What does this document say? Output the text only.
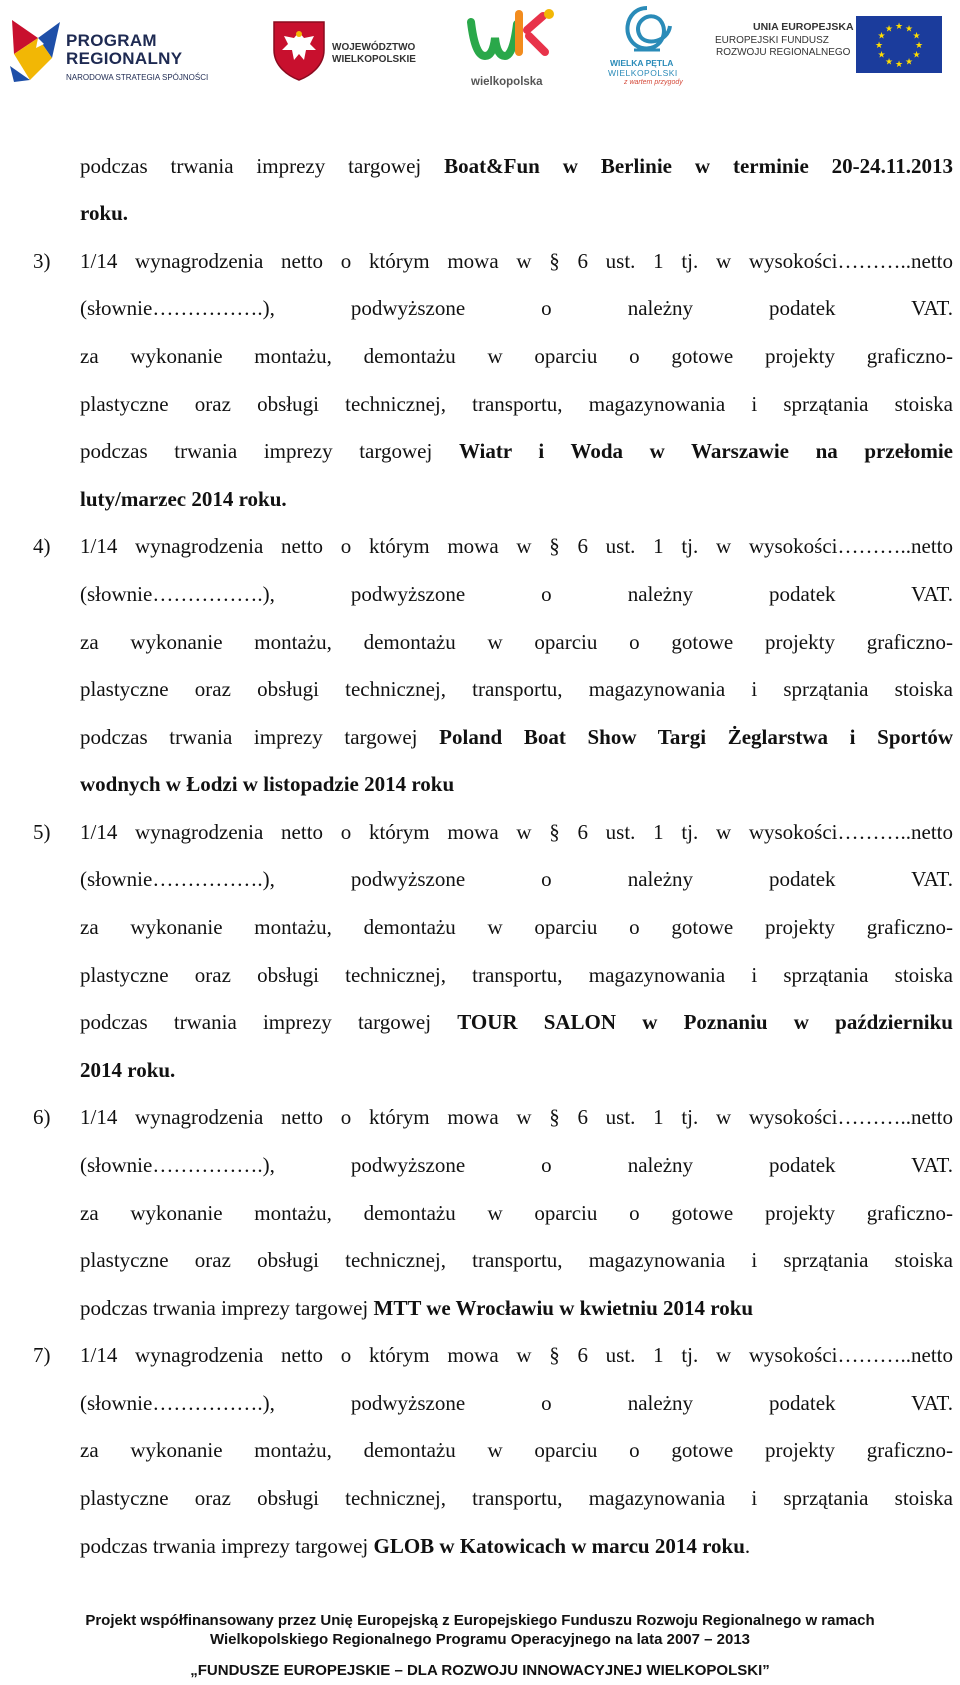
PROGRAM
REGIONALNY
NARODOWA STRATEGIA SPÓJNOŚCI
WOJEWÓDZTWO
WIELKOPOLSKIE
wielkopolska
WIELKA PĘTLA
WIELKOPOLSKI
z wartem przygody
UNIA EUROPEJSKA
EUROPEJSKI FUNDUSZ
ROZWOJU REGIONALNEGO
★ ★
★
★
★
★
★
★
★
★
★
★
podczas trwania imprezy targowej Boat&Fun w Berlinie w terminie 20-24.11.2013
roku.
3) 1/14 wynagrodzenia netto o którym mowa w § 6 ust. 1 tj. w wysokości………..netto
(słownie…………….), podwyższone o należny podatek VAT.
za wykonanie montażu, demontażu w oparciu o gotowe projekty graficzno-
plastyczne oraz obsługi technicznej, transportu, magazynowania i sprzątania stoiska
podczas trwania imprezy targowej Wiatr i Woda w Warszawie na przełomie
luty/marzec 2014 roku.
4) 1/14 wynagrodzenia netto o którym mowa w § 6 ust. 1 tj. w wysokości………..netto
(słownie…………….), podwyższone o należny podatek VAT.
za wykonanie montażu, demontażu w oparciu o gotowe projekty graficzno-
plastyczne oraz obsługi technicznej, transportu, magazynowania i sprzątania stoiska
podczas trwania imprezy targowej Poland Boat Show Targi Żeglarstwa i Sportów
wodnych w Łodzi w listopadzie 2014 roku
5) 1/14 wynagrodzenia netto o którym mowa w § 6 ust. 1 tj. w wysokości………..netto
(słownie…………….), podwyższone o należny podatek VAT.
za wykonanie montażu, demontażu w oparciu o gotowe projekty graficzno-
plastyczne oraz obsługi technicznej, transportu, magazynowania i sprzątania stoiska
podczas trwania imprezy targowej TOUR SALON w Poznaniu w październiku
2014 roku.
6) 1/14 wynagrodzenia netto o którym mowa w § 6 ust. 1 tj. w wysokości………..netto
(słownie…………….), podwyższone o należny podatek VAT.
za wykonanie montażu, demontażu w oparciu o gotowe projekty graficzno-
plastyczne oraz obsługi technicznej, transportu, magazynowania i sprzątania stoiska
podczas trwania imprezy targowej MTT we Wrocławiu w kwietniu 2014 roku
7) 1/14 wynagrodzenia netto o którym mowa w § 6 ust. 1 tj. w wysokości………..netto
(słownie…………….), podwyższone o należny podatek VAT.
za wykonanie montażu, demontażu w oparciu o gotowe projekty graficzno-
plastyczne oraz obsługi technicznej, transportu, magazynowania i sprzątania stoiska
podczas trwania imprezy targowej GLOB w Katowicach w marcu 2014 roku.
Projekt współfinansowany przez Unię Europejską z Europejskiego Funduszu Rozwoju Regionalnego w ramach
Wielkopolskiego Regionalnego Programu Operacyjnego na lata 2007 – 2013
„FUNDUSZE EUROPEJSKIE – DLA ROZWOJU INNOWACYJNEJ WIELKOPOLSKI”
